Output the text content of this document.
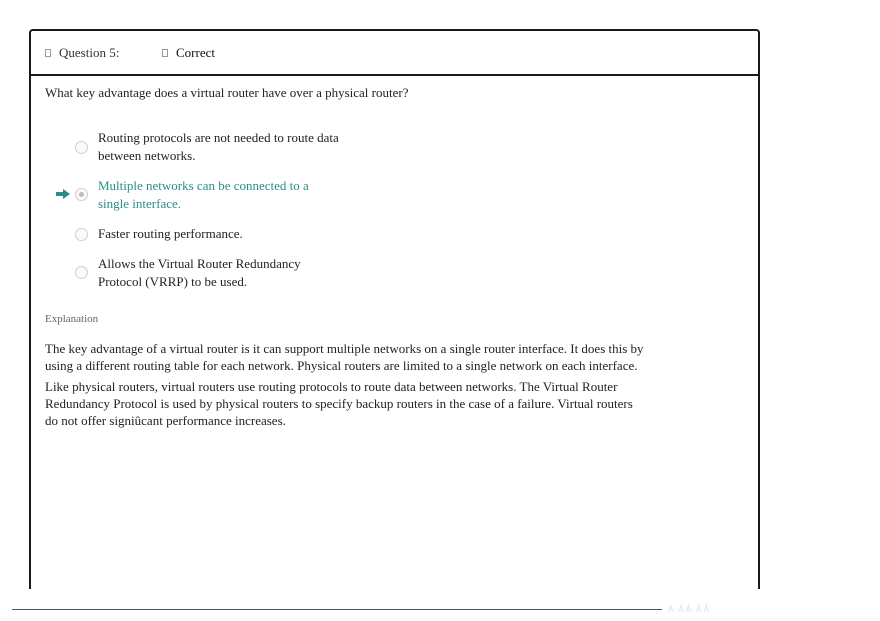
Question 5:	Correct
What key advantage does a virtual router have over a physical router?
Routing protocols are not needed to route data between networks.
Multiple networks can be connected to a single interface.
Faster routing performance.
Allows the Virtual Router Redundancy Protocol (VRRP) to be used.
Explanation

The key advantage of a virtual router is it can support multiple networks on a single router interface. It does this by using a different routing table for each network. Physical routers are limited to a single network on each interface.

Like physical routers, virtual routers use routing protocols to route data between networks. The Virtual Router Redundancy Protocol is used by physical routers to specify backup routers in the case of a failure. Virtual routers do not offer signiûcant performance increases.

Â· Ã Â· Ã Ã
